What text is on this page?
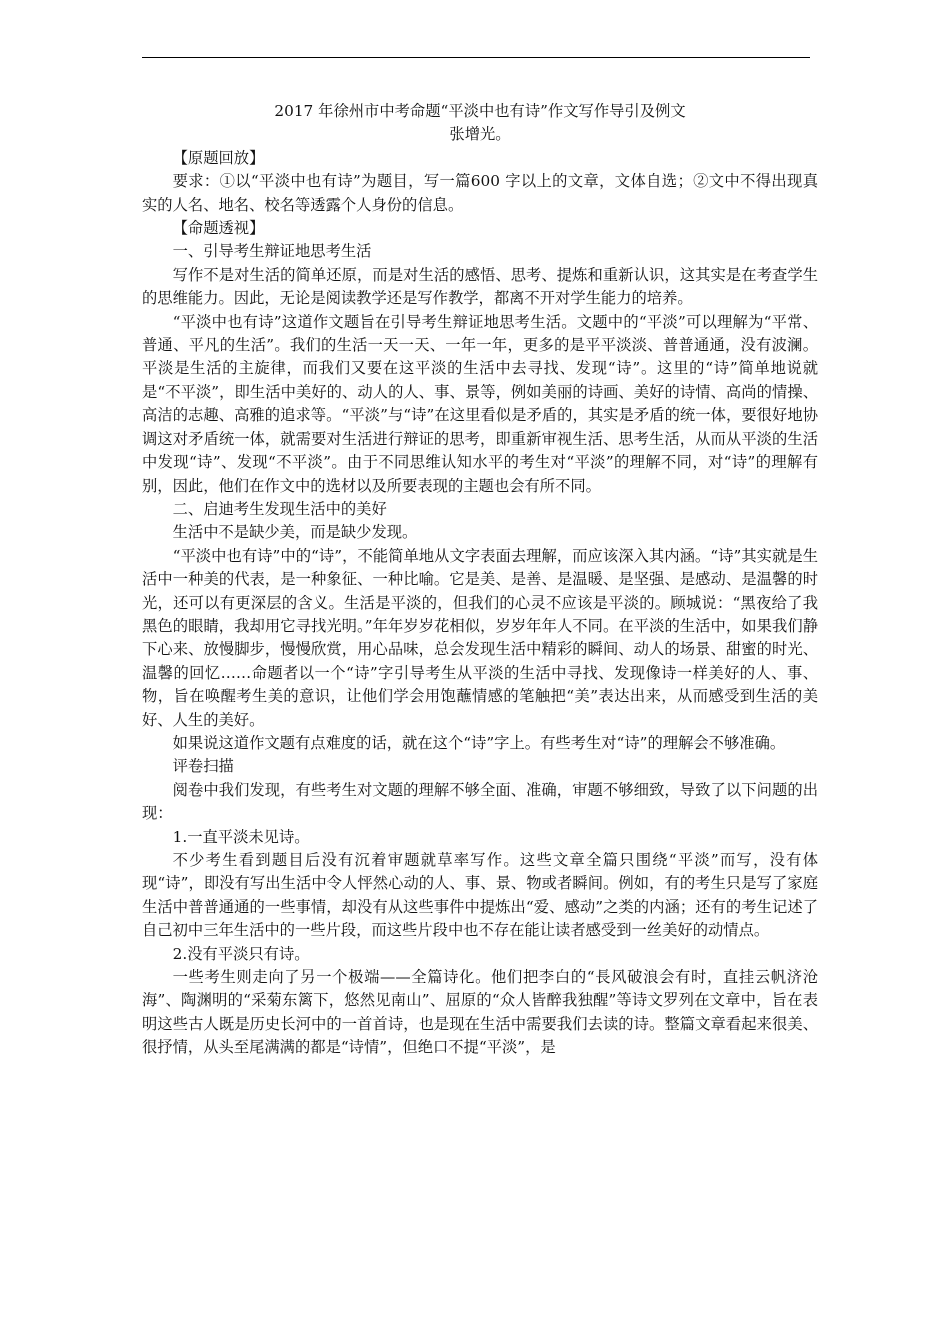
2017 年徐州市中考命题“平淡中也有诗”作文写作导引及例文

张增光。

【原题回放】

要求：①以“平淡中也有诗”为题目，写一篇600 字以上的文章，文体自选；②文中不得出现真实的人名、地名、校名等透露个人身份的信息。

【命题透视】

一、引导考生辩证地思考生活

写作不是对生活的简单还原，而是对生活的感悟、思考、提炼和重新认识，这其实是在考查学生的思维能力。因此，无论是阅读教学还是写作教学，都离不开对学生能力的培养。

“平淡中也有诗”这道作文题旨在引导考生辩证地思考生活。文题中的“平淡”可以理解为“平常、普通、平凡的生活”。我们的生活一天一天、一年一年，更多的是平平淡淡、普普通通，没有波澜。平淡是生活的主旋律，而我们又要在这平淡的生活中去寻找、发现“诗”。这里的“诗”简单地说就是“不平淡”，即生活中美好的、动人的人、事、景等，例如美丽的诗画、美好的诗情、高尚的情操、高洁的志趣、高雅的追求等。“平淡”与“诗”在这里看似是矛盾的，其实是矛盾的统一体，要很好地协调这对矛盾统一体，就需要对生活进行辩证的思考，即重新审视生活、思考生活，从而从平淡的生活中发现“诗”、发现“不平淡”。由于不同思维认知水平的考生对“平淡”的理解不同，对“诗”的理解有别，因此，他们在作文中的选材以及所要表现的主题也会有所不同。

二、启迪考生发现生活中的美好

生活中不是缺少美，而是缺少发现。

“平淡中也有诗”中的“诗”，不能简单地从文字表面去理解，而应该深入其内涵。“诗”其实就是生活中一种美的代表，是一种象征、一种比喻。它是美、是善、是温暖、是坚强、是感动、是温馨的时光，还可以有更深层的含义。生活是平淡的，但我们的心灵不应该是平淡的。顾城说：“黑夜给了我黑色的眼睛，我却用它寻找光明。”年年岁岁花相似，岁岁年年人不同。在平淡的生活中，如果我们静下心来、放慢脚步，慢慢欣赏，用心品味，总会发现生活中精彩的瞬间、动人的场景、甜蜜的时光、温馨的回忆……命题者以一个“诗”字引导考生从平淡的生活中寻找、发现像诗一样美好的人、事、物，旨在唤醒考生美的意识，让他们学会用饱蘸情感的笔触把“美”表达出来，从而感受到生活的美好、人生的美好。

如果说这道作文题有点难度的话，就在这个“诗”字上。有些考生对“诗”的理解会不够准确。

评卷扫描

阅卷中我们发现，有些考生对文题的理解不够全面、准确，审题不够细致，导致了以下问题的出现：

1.一直平淡未见诗。

不少考生看到题目后没有沉着审题就草率写作。这些文章全篇只围绕“平淡”而写，没有体现“诗”，即没有写出生活中令人怦然心动的人、事、景、物或者瞬间。例如，有的考生只是写了家庭生活中普普通通的一些事情，却没有从这些事件中提炼出“爱、感动”之类的内涵；还有的考生记述了自己初中三年生活中的一些片段，而这些片段中也不存在能让读者感受到一丝美好的动情点。

2.没有平淡只有诗。

一些考生则走向了另一个极端——全篇诗化。他们把李白的“長风破浪会有时，直挂云帆济沧海”、陶渊明的“采菊东篱下，悠然见南山”、屈原的“众人皆醉我独醒”等诗文罗列在文章中，旨在表明这些古人既是历史长河中的一首首诗，也是现在生活中需要我们去读的诗。整篇文章看起来很美、很抒情，从头至尾满满的都是“诗情”，但绝口不提“平淡”，是
